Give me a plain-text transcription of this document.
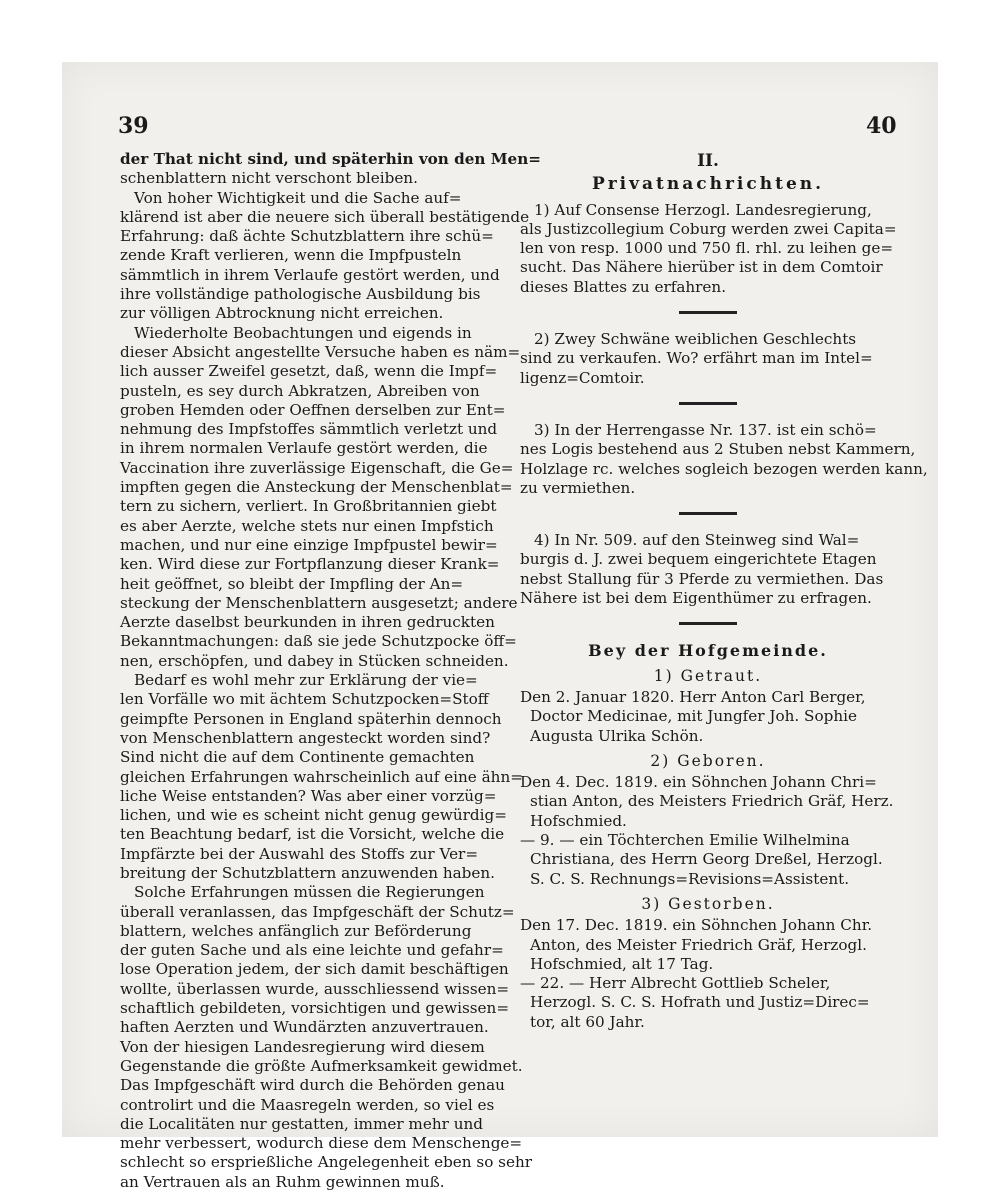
39	40

der That nicht sind, und späterhin von den Men=
schenblattern nicht verschont bleiben.

Von hoher Wichtigkeit und die Sache auf=
klärend ist aber die neuere sich überall bestätigende
Erfahrung: daß ächte Schutzblattern ihre schü=
zende Kraft verlieren, wenn die Impfpusteln
sämmtlich in ihrem Verlaufe gestört werden, und
ihre vollständige pathologische Ausbildung bis
zur völligen Abtrocknung nicht erreichen.

Wiederholte Beobachtungen und eigends in
dieser Absicht angestellte Versuche haben es näm=
lich ausser Zweifel gesetzt, daß, wenn die Impf=
pusteln, es sey durch Abkratzen, Abreiben von
groben Hemden oder Oeffnen derselben zur Ent=
nehmung des Impfstoffes sämmtlich verletzt und
in ihrem normalen Verlaufe gestört werden, die
Vaccination ihre zuverlässige Eigenschaft, die Ge=
impften gegen die Ansteckung der Menschenblat=
tern zu sichern, verliert. In Großbritannien giebt
es aber Aerzte, welche stets nur einen Impfstich
machen, und nur eine einzige Impfpustel bewir=
ken. Wird diese zur Fortpflanzung dieser Krank=
heit geöffnet, so bleibt der Impfling der An=
steckung der Menschenblattern ausgesetzt; andere
Aerzte daselbst beurkunden in ihren gedruckten
Bekanntmachungen: daß sie jede Schutzpocke öff=
nen, erschöpfen, und dabey in Stücken schneiden.

Bedarf es wohl mehr zur Erklärung der vie=
len Vorfälle wo mit ächtem Schutzpocken=Stoff
geimpfte Personen in England späterhin dennoch
von Menschenblattern angesteckt worden sind?
Sind nicht die auf dem Continente gemachten
gleichen Erfahrungen wahrscheinlich auf eine ähn=
liche Weise entstanden? Was aber einer vorzüg=
lichen, und wie es scheint nicht genug gewürdig=
ten Beachtung bedarf, ist die Vorsicht, welche die
Impfärzte bei der Auswahl des Stoffs zur Ver=
breitung der Schutzblattern anzuwenden haben.

Solche Erfahrungen müssen die Regierungen
überall veranlassen, das Impfgeschäft der Schutz=
blattern, welches anfänglich zur Beförderung
der guten Sache und als eine leichte und gefahr=
lose Operation jedem, der sich damit beschäftigen
wollte, überlassen wurde, ausschliessend wissen=
schaftlich gebildeten, vorsichtigen und gewissen=
haften Aerzten und Wundärzten anzuvertrauen.
Von der hiesigen Landesregierung wird diesem
Gegenstande die größte Aufmerksamkeit gewidmet.
Das Impfgeschäft wird durch die Behörden genau
controlirt und die Maasregeln werden, so viel es
die Localitäten nur gestatten, immer mehr und
mehr verbessert, wodurch diese dem Menschenge=
schlecht so ersprießliche Angelegenheit eben so sehr
an Vertrauen als an Ruhm gewinnen muß.

II.
Privatnachrichten.

1) Auf Consense Herzogl. Landesregierung,
als Justizcollegium Coburg werden zwei Capita=
len von resp. 1000 und 750 fl. rhl. zu leihen ge=
sucht. Das Nähere hierüber ist in dem Comtoir
dieses Blattes zu erfahren.

2) Zwey Schwäne weiblichen Geschlechts
sind zu verkaufen. Wo? erfährt man im Intel=
ligenz=Comtoir.

3) In der Herrengasse Nr. 137. ist ein schö=
nes Logis bestehend aus 2 Stuben nebst Kammern,
Holzlage rc. welches sogleich bezogen werden kann,
zu vermiethen.

4) In Nr. 509. auf den Steinweg sind Wal=
burgis d. J. zwei bequem eingerichtete Etagen
nebst Stallung für 3 Pferde zu vermiethen. Das
Nähere ist bei dem Eigenthümer zu erfragen.

Bey der Hofgemeinde.
1) Getraut.

Den 2. Januar 1820. Herr Anton Carl Berger,
Doctor Medicinae, mit Jungfer Joh. Sophie
Augusta Ulrika Schön.

2) Geboren.

Den 4. Dec. 1819. ein Söhnchen Johann Chri=
stian Anton, des Meisters Friedrich Gräf, Herz.
Hofschmied.

— 9. — ein Töchterchen Emilie Wilhelmina
Christiana, des Herrn Georg Dreßel, Herzogl.
S. C. S. Rechnungs=Revisions=Assistent.

3) Gestorben.

Den 17. Dec. 1819. ein Söhnchen Johann Chr.
Anton, des Meister Friedrich Gräf, Herzogl.
Hofschmied, alt 17 Tag.

— 22. — Herr Albrecht Gottlieb Scheler,
Herzogl. S. C. S. Hofrath und Justiz=Direc=
tor, alt 60 Jahr.
